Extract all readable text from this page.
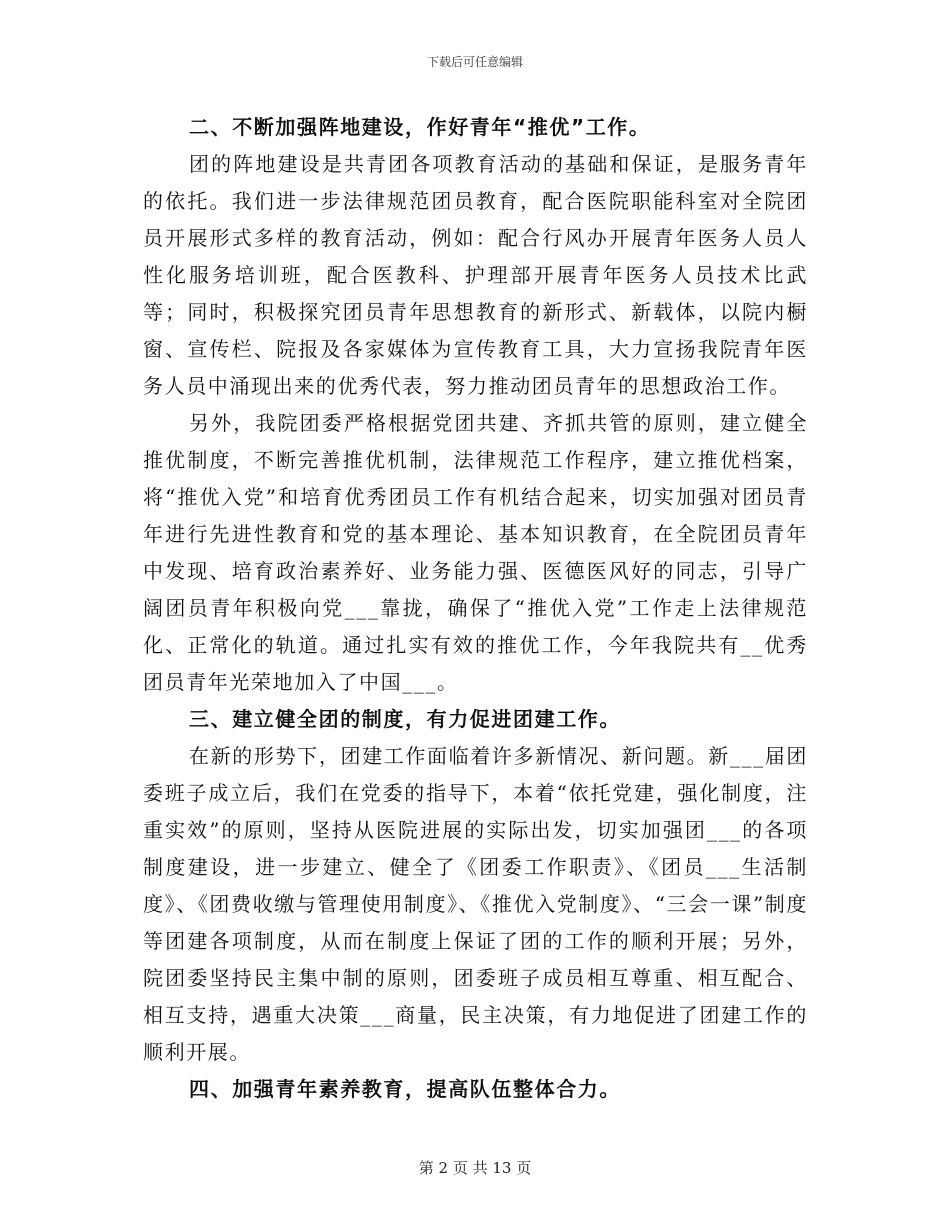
下载后可任意编辑

二、不断加强阵地建设，作好青年“推优”工作。

团的阵地建设是共青团各项教育活动的基础和保证，是服务青年的依托。我们进一步法律规范团员教育，配合医院职能科室对全院团员开展形式多样的教育活动，例如：配合行风办开展青年医务人员人性化服务培训班，配合医教科、护理部开展青年医务人员技术比武等；同时，积极探究团员青年思想教育的新形式、新载体，以院内橱窗、宣传栏、院报及各家媒体为宣传教育工具，大力宣扬我院青年医务人员中涌现出来的优秀代表，努力推动团员青年的思想政治工作。

另外，我院团委严格根据党团共建、齐抓共管的原则，建立健全推优制度，不断完善推优机制，法律规范工作程序，建立推优档案，将“推优入党”和培育优秀团员工作有机结合起来，切实加强对团员青年进行先进性教育和党的基本理论、基本知识教育，在全院团员青年中发现、培育政治素养好、业务能力强、医德医风好的同志，引导广阔团员青年积极向党___靠拢，确保了“推优入党”工作走上法律规范化、正常化的轨道。通过扎实有效的推优工作，今年我院共有__优秀团员青年光荣地加入了中国___。

三、建立健全团的制度，有力促进团建工作。

在新的形势下，团建工作面临着许多新情况、新问题。新___届团委班子成立后，我们在党委的指导下，本着“依托党建，强化制度，注重实效”的原则，坚持从医院进展的实际出发，切实加强团___的各项制度建设，进一步建立、健全了《团委工作职责》、《团员___生活制度》、《团费收缴与管理使用制度》、《推优入党制度》、“三会一课”制度等团建各项制度，从而在制度上保证了团的工作的顺利开展；另外，院团委坚持民主集中制的原则，团委班子成员相互尊重、相互配合、相互支持，遇重大决策___商量，民主决策，有力地促进了团建工作的顺利开展。

四、加强青年素养教育，提高队伍整体合力。

第 2 页 共 13 页
